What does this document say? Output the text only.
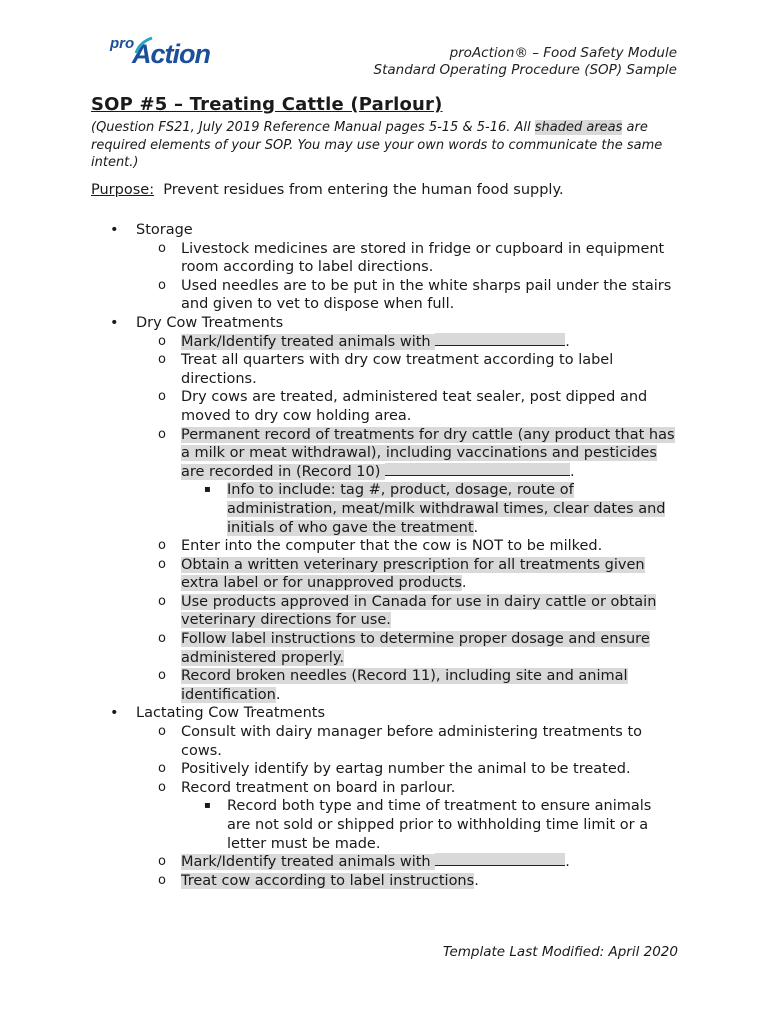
pro
Action	proAction® – Food Safety Module
Standard Operating Procedure (SOP) Sample
SOP #5 – Treating Cattle (Parlour)
(Question FS21, July 2019 Reference Manual pages 5-15 & 5-16. All shaded areas are required elements of your SOP. You may use your own words to communicate the same intent.)
Purpose: Prevent residues from entering the human food supply.
• Storage
o Livestock medicines are stored in fridge or cupboard in equipment room according to label directions.
o Used needles are to be put in the white sharps pail under the stairs and given to vet to dispose when full.
• Dry Cow Treatments
o Mark/Identify treated animals with	.
o Treat all quarters with dry cow treatment according to label directions.
o Dry cows are treated, administered teat sealer, post dipped and moved to dry cow holding area.
o Permanent record of treatments for dry cattle (any product that has a milk or meat withdrawal), including vaccinations and pesticides are recorded in (Record 10)	.
▪ Info to include: tag #, product, dosage, route of administration, meat/milk withdrawal times, clear dates and initials of who gave the treatment.
o Enter into the computer that the cow is NOT to be milked.
o Obtain a written veterinary prescription for all treatments given extra label or for unapproved products.
o Use products approved in Canada for use in dairy cattle or obtain veterinary directions for use.
o Follow label instructions to determine proper dosage and ensure administered properly.
o Record broken needles (Record 11), including site and animal identification.
• Lactating Cow Treatments
o Consult with dairy manager before administering treatments to cows.
o Positively identify by eartag number the animal to be treated.
o Record treatment on board in parlour.
▪ Record both type and time of treatment to ensure animals are not sold or shipped prior to withholding time limit or a letter must be made.
o Mark/Identify treated animals with	.
o Treat cow according to label instructions.
Template Last Modified: April 2020
